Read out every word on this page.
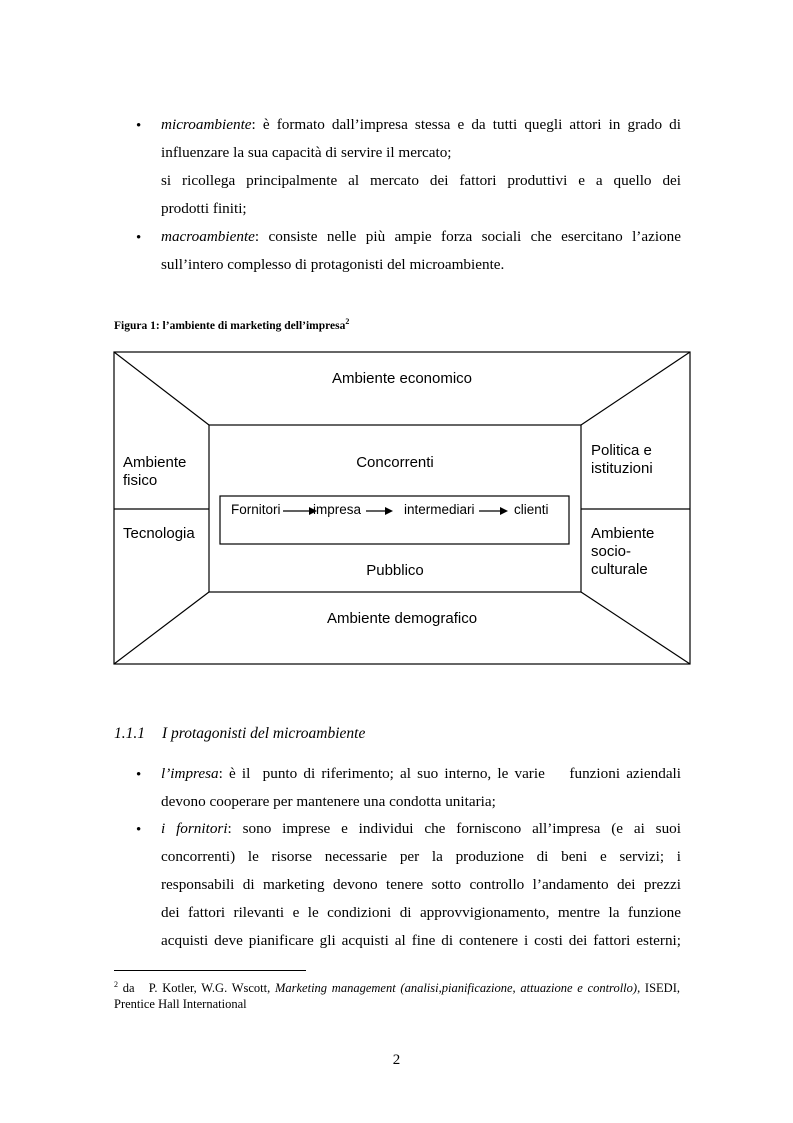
• microambiente: è formato dall’impresa stessa e da tutti quegli attori in grado di
influenzare la sua capacità di servire il mercato;
si ricollega principalmente al mercato dei fattori produttivi e a quello dei
prodotti finiti;
• macroambiente: consiste nelle più ampie forza sociali che esercitano l’azione
sull’intero complesso di protagonisti del microambiente.
Figura 1: l’ambiente di marketing dell’impresa$^2$
Ambiente economico
Ambiente
fisico
Tecnologia
Politica e
istituzioni
Ambiente
socio-
culturale
Concorrenti
Pubblico
Ambiente demografico
Fornitori impresa	intermediari	clienti
1.1.1 I protagonisti del microambiente
• l’impresa: è il  punto di riferimento; al suo interno, le varie    funzioni aziendali
devono cooperare per mantenere una condotta unitaria;
• i fornitori: sono imprese e individui che forniscono all’impresa (e ai suoi
concorrenti) le risorse necessarie per la produzione di beni e servizi; i
responsabili di marketing devono tenere sotto controllo l’andamento dei prezzi
dei fattori rilevanti e le condizioni di approvvigionamento, mentre la funzione
acquisti deve pianificare gli acquisti al fine di contenere i costi dei fattori esterni;
$^2$ da   P. Kotler, W.G. Wscott, Marketing management (analisi,pianificazione, attuazione e controllo), ISEDI, Prentice Hall International
2
